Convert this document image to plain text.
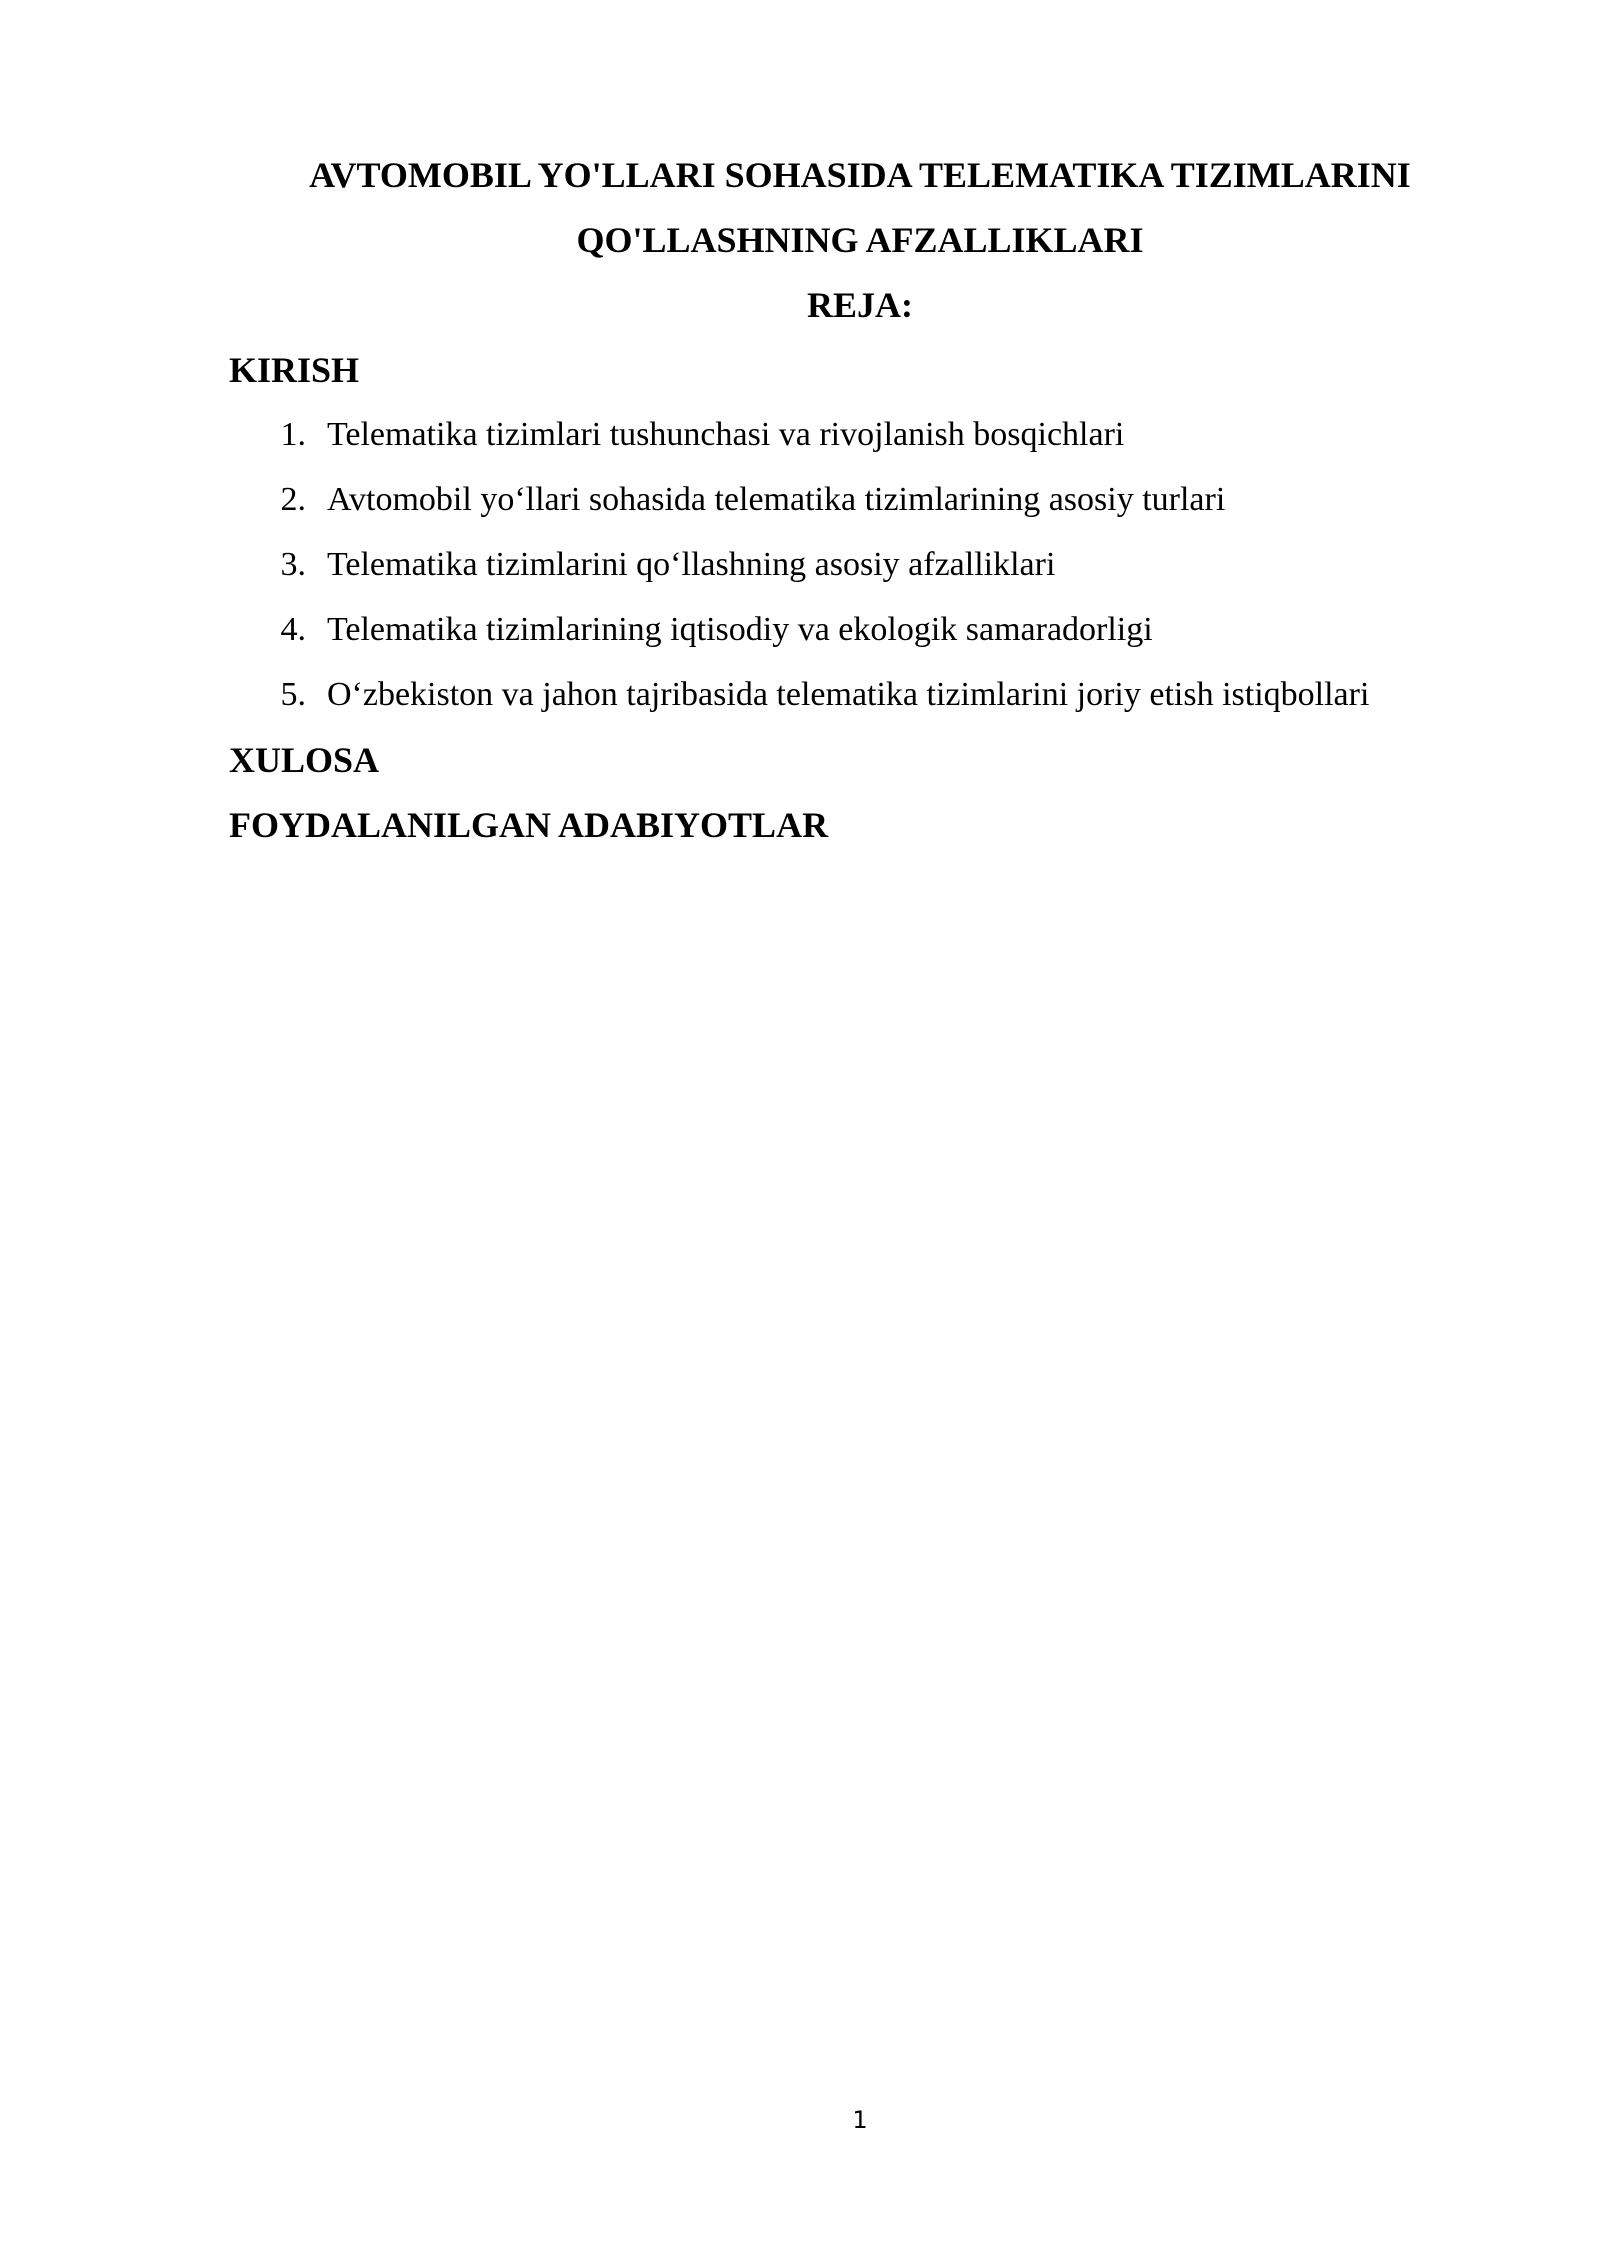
AVTOMOBIL YO'LLARI SOHASIDA TELEMATIKA TIZIMLARINI
QO'LLASHNING AFZALLIKLARI
REJA:
KIRISH
1. Telematika tizimlari tushunchasi va rivojlanish bosqichlari
2. Avtomobil yo‘llari sohasida telematika tizimlarining asosiy turlari
3. Telematika tizimlarini qo‘llashning asosiy afzalliklari
4. Telematika tizimlarining iqtisodiy va ekologik samaradorligi
5. O‘zbekiston va jahon tajribasida telematika tizimlarini joriy etish istiqbollari
XULOSA
FOYDALANILGAN ADABIYOTLAR
1
